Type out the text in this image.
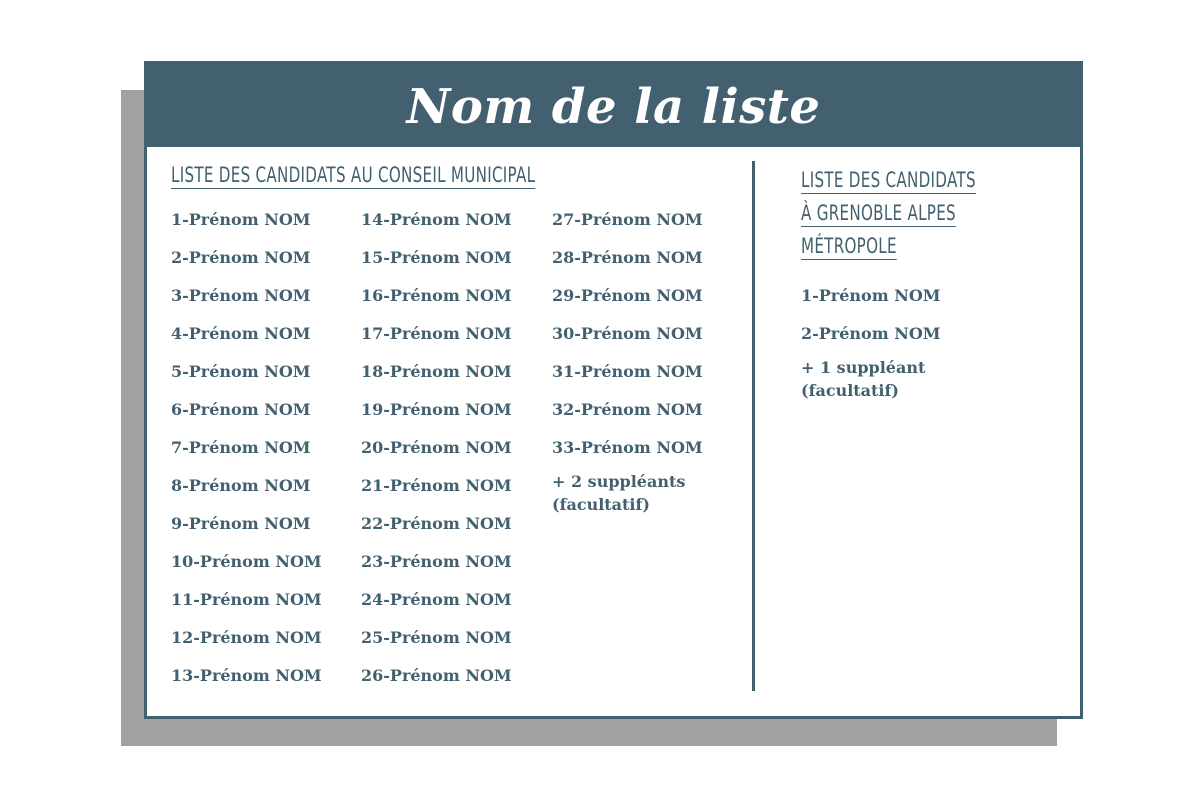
Nom de la liste
LISTE DES CANDIDATS AU CONSEIL MUNICIPAL
1-Prénom NOM
2-Prénom NOM
3-Prénom NOM
4-Prénom NOM
5-Prénom NOM
6-Prénom NOM
7-Prénom NOM
8-Prénom NOM
9-Prénom NOM
10-Prénom NOM
11-Prénom NOM
12-Prénom NOM
13-Prénom NOM
14-Prénom NOM
15-Prénom NOM
16-Prénom NOM
17-Prénom NOM
18-Prénom NOM
19-Prénom NOM
20-Prénom NOM
21-Prénom NOM
22-Prénom NOM
23-Prénom NOM
24-Prénom NOM
25-Prénom NOM
26-Prénom NOM
27-Prénom NOM
28-Prénom NOM
29-Prénom NOM
30-Prénom NOM
31-Prénom NOM
32-Prénom NOM
33-Prénom NOM
+ 2 suppléants
(facultatif)
LISTE DES CANDIDATS
À GRENOBLE ALPES
MÉTROPOLE
1-Prénom NOM
2-Prénom NOM
+ 1 suppléant
(facultatif)
